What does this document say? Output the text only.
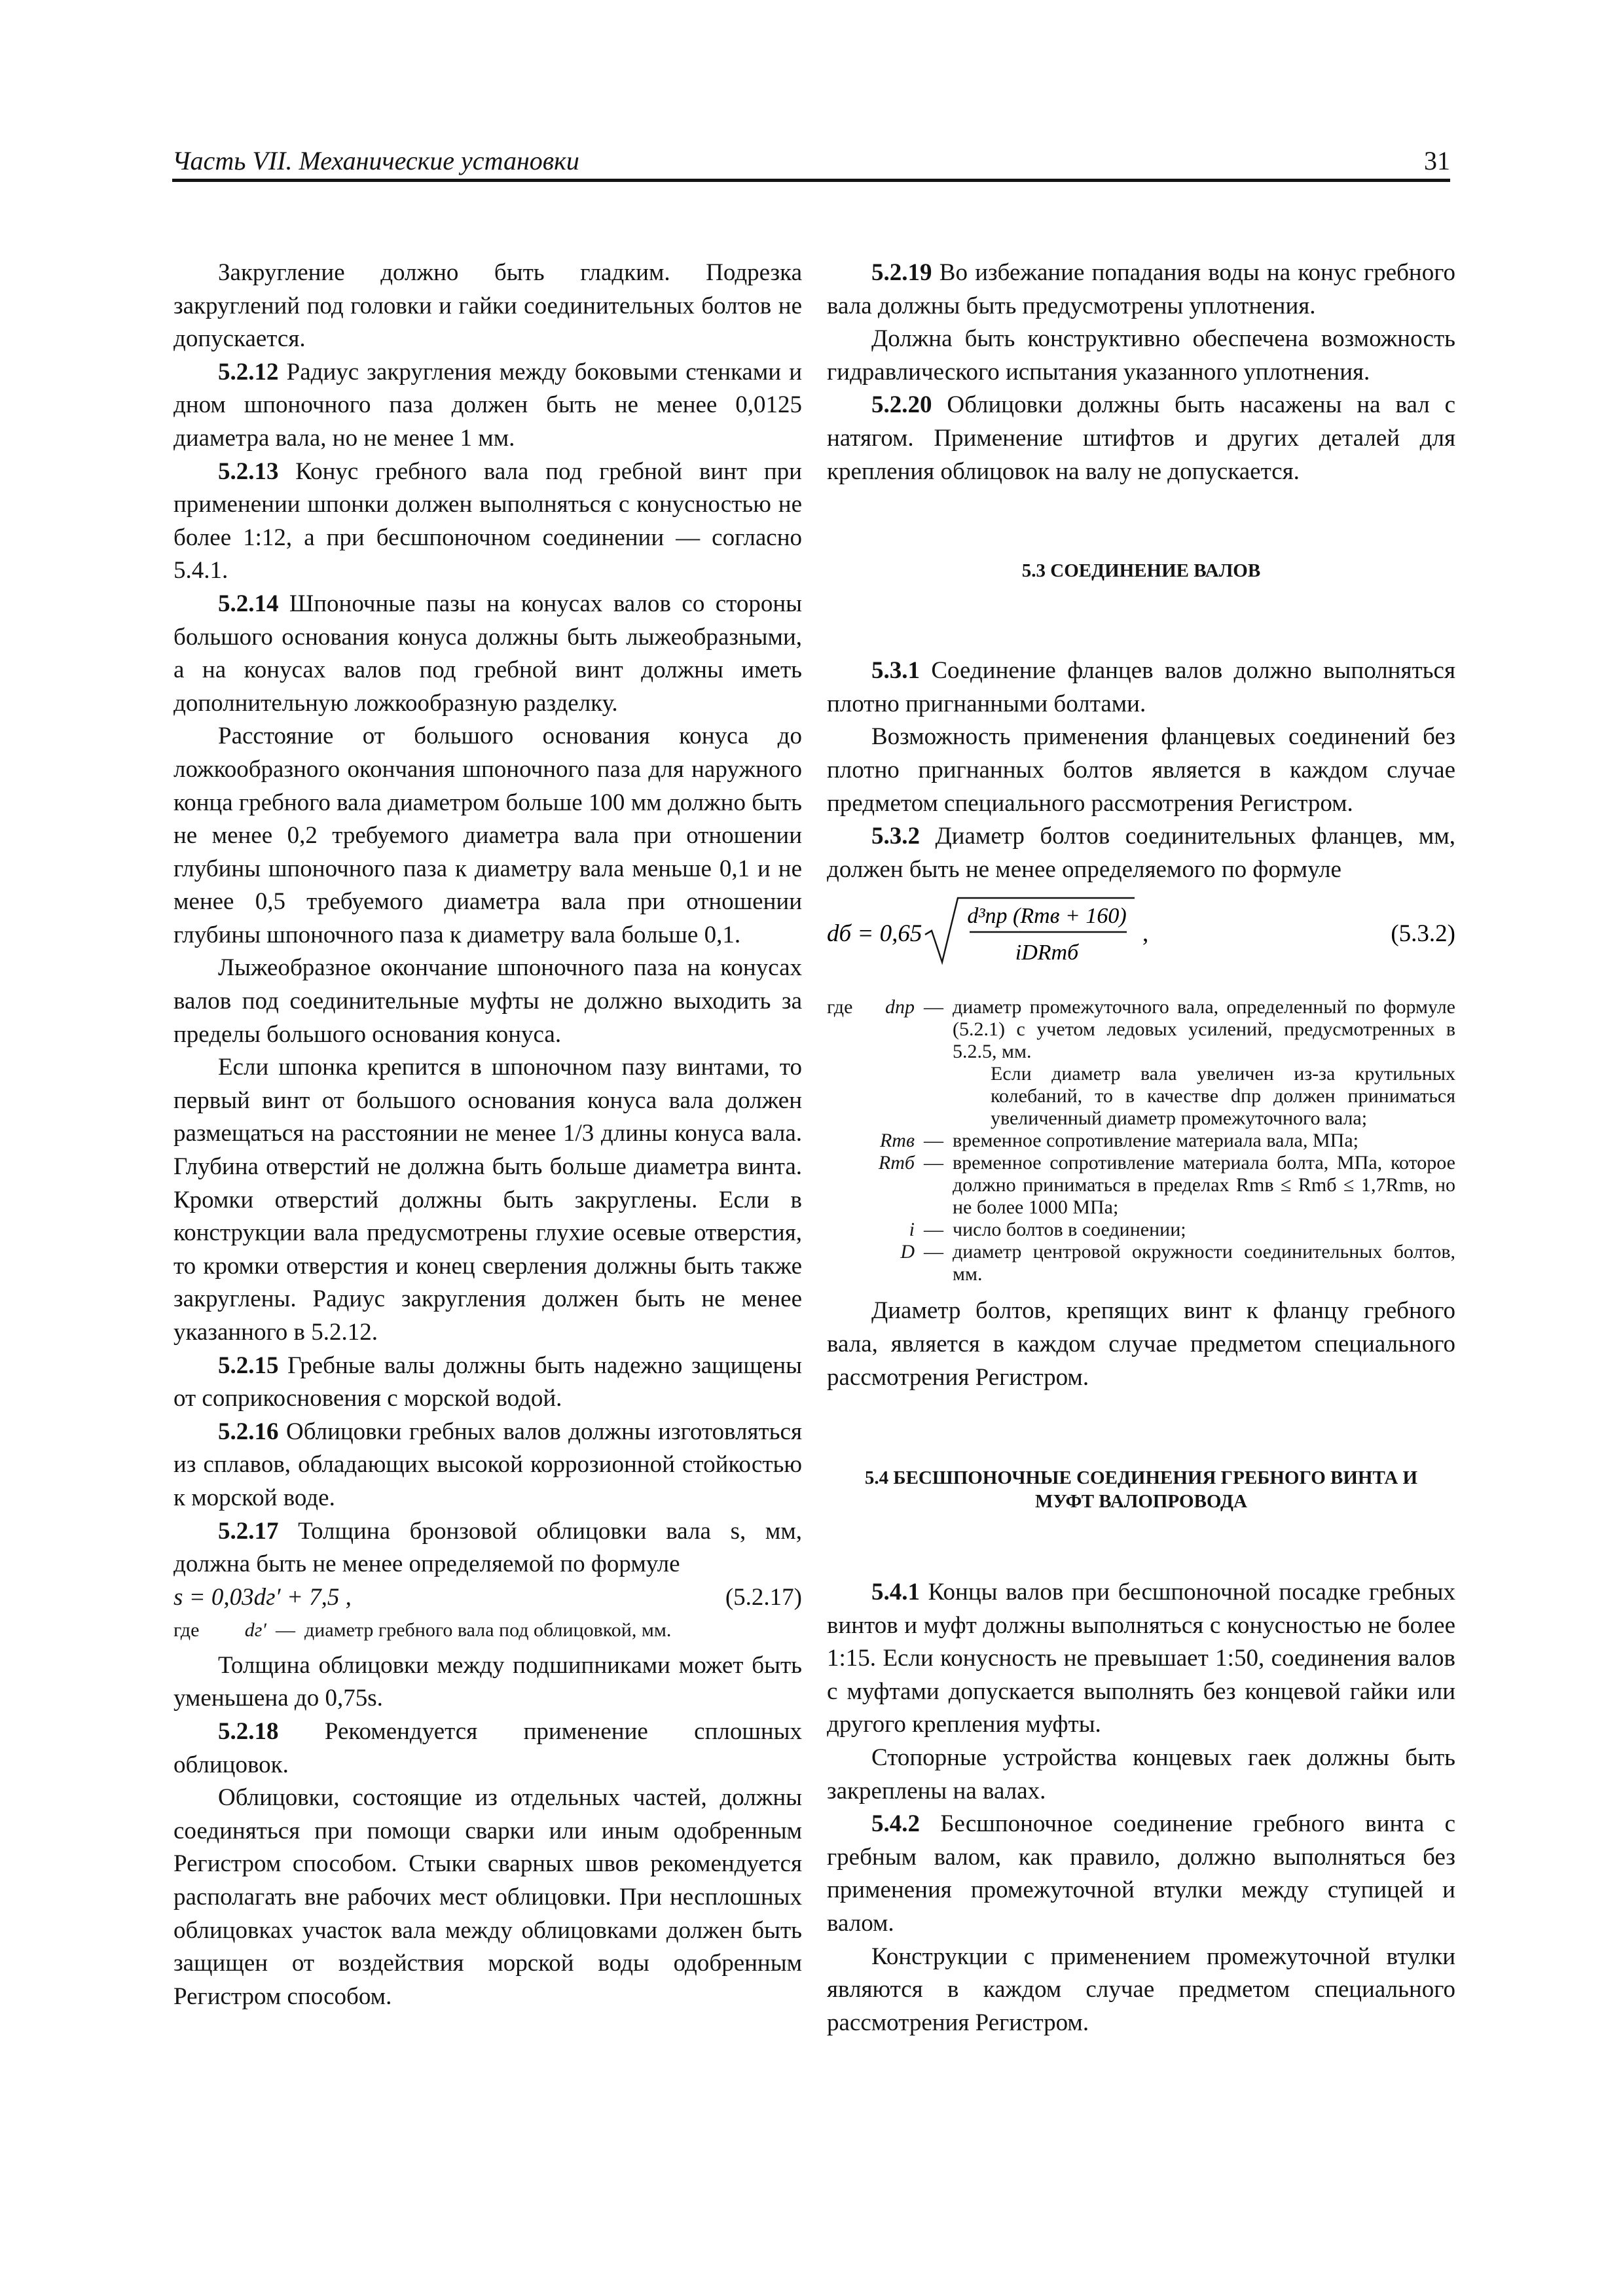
Часть VII. Механические установки	31

Закругление должно быть гладким. Подрезка закруглений под головки и гайки соединительных болтов не допускается.

5.2.12 Радиус закругления между боковыми стенками и дном шпоночного паза должен быть не менее 0,0125 диаметра вала, но не менее 1 мм.

5.2.13 Конус гребного вала под гребной винт при применении шпонки должен выполняться с конусностью не более 1:12, а при бесшпоночном соединении — согласно 5.4.1.

5.2.14 Шпоночные пазы на конусах валов со стороны большого основания конуса должны быть лыжеобразными, а на конусах валов под гребной винт должны иметь дополнительную ложкообразную разделку.

Расстояние от большого основания конуса до ложкообразного окончания шпоночного паза для наружного конца гребного вала диаметром больше 100 мм должно быть не менее 0,2 требуемого диаметра вала при отношении глубины шпоночного паза к диаметру вала меньше 0,1 и не менее 0,5 требуемого диаметра вала при отношении глубины шпоночного паза к диаметру вала больше 0,1.

Лыжеобразное окончание шпоночного паза на конусах валов под соединительные муфты не должно выходить за пределы большого основания конуса.

Если шпонка крепится в шпоночном пазу винтами, то первый винт от большого основания конуса вала должен размещаться на расстоянии не менее 1/3 длины конуса вала. Глубина отверстий не должна быть больше диаметра винта. Кромки отверстий должны быть закруглены. Если в конструкции вала предусмотрены глухие осевые отверстия, то кромки отверстия и конец сверления должны быть также закруглены. Радиус закругления должен быть не менее указанного в 5.2.12.

5.2.15 Гребные валы должны быть надежно защищены от соприкосновения с морской водой.

5.2.16 Облицовки гребных валов должны изготовляться из сплавов, обладающих высокой коррозионной стойкостью к морской воде.

5.2.17 Толщина бронзовой облицовки вала s, мм, должна быть не менее определяемой по формуле

s = 0,03dг′ + 7,5 ,	(5.2.17)
где	dг′ — диаметр гребного вала под облицовкой, мм.

Толщина облицовки между подшипниками может быть уменьшена до 0,75s.

5.2.18 Рекомендуется применение сплошных облицовок.

Облицовки, состоящие из отдельных частей, должны соединяться при помощи сварки или иным одобренным Регистром способом. Стыки сварных швов рекомендуется располагать вне рабочих мест облицовки. При несплошных облицовках участок вала между облицовками должен быть защищен от воздействия морской воды одобренным Регистром способом.

5.2.19 Во избежание попадания воды на конус гребного вала должны быть предусмотрены уплотнения.

Должна быть конструктивно обеспечена возможность гидравлического испытания указанного уплотнения.

5.2.20 Облицовки должны быть насажены на вал с натягом. Применение штифтов и других деталей для крепления облицовок на валу не допускается.

5.3 СОЕДИНЕНИЕ ВАЛОВ

5.3.1 Соединение фланцев валов должно выполняться плотно пригнанными болтами.

Возможность применения фланцевых соединений без плотно пригнанных болтов является в каждом случае предметом специального рассмотрения Регистром.

5.3.2 Диаметр болтов соединительных фланцев, мм, должен быть не менее определяемого по формуле

dб = 0,65
d³пр (Rmв + 160)
iDRmб
,	(5.3.2)
где	dпр — диаметр промежуточного вала, определенный по формуле (5.2.1) с учетом ледовых усилений, предусмотренных в 5.2.5, мм.
Если диаметр вала увеличен из-за крутильных колебаний, то в качестве dпр должен приниматься увеличенный диаметр промежуточного вала;
Rmв — временное сопротивление материала вала, МПа;
Rmб — временное сопротивление материала болта, МПа, которое должно приниматься в пределах Rmв ≤ Rmб ≤ 1,7Rmв, но не более 1000 МПа;
i — число болтов в соединении;
D — диаметр центровой окружности соединительных болтов, мм.

Диаметр болтов, крепящих винт к фланцу гребного вала, является в каждом случае предметом специального рассмотрения Регистром.

5.4 БЕСШПОНОЧНЫЕ СОЕДИНЕНИЯ ГРЕБНОГО ВИНТА И МУФТ ВАЛОПРОВОДА

5.4.1 Концы валов при бесшпоночной посадке гребных винтов и муфт должны выполняться с конусностью не более 1:15. Если конусность не превышает 1:50, соединения валов с муфтами допускается выполнять без концевой гайки или другого крепления муфты.

Стопорные устройства концевых гаек должны быть закреплены на валах.

5.4.2 Бесшпоночное соединение гребного винта с гребным валом, как правило, должно выполняться без применения промежуточной втулки между ступицей и валом.

Конструкции с применением промежуточной втулки являются в каждом случае предметом специального рассмотрения Регистром.
